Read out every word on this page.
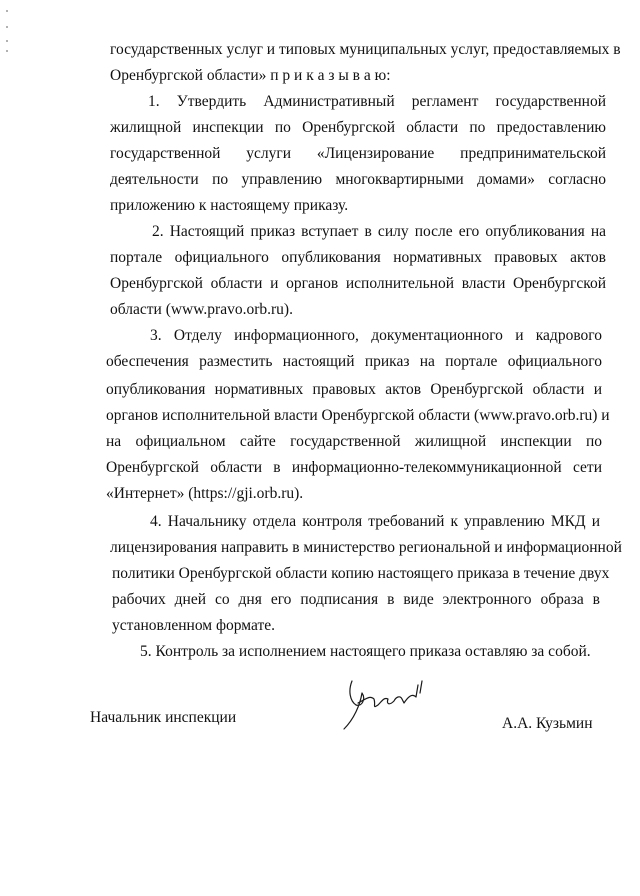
государственных услуг и типовых муниципальных услуг, предоставляемых в
Оренбургской области» п р и к а з ы в а ю:
1. Утвердить Административный регламент государственной
жилищной инспекции по Оренбургской области по предоставлению
государственной услуги «Лицензирование предпринимательской
деятельности по управлению многоквартирными домами» согласно
приложению к настоящему приказу.
2. Настоящий приказ вступает в силу после его опубликования на
портале официального опубликования нормативных правовых актов
Оренбургской области и органов исполнительной власти Оренбургской
области (www.pravo.orb.ru).
3. Отделу информационного, документационного и кадрового
обеспечения разместить настоящий приказ на портале официального
опубликования нормативных правовых актов Оренбургской области и
органов исполнительной власти Оренбургской области (www.pravo.orb.ru) и
на официальном сайте государственной жилищной инспекции по
Оренбургской области в информационно-телекоммуникационной сети
«Интернет» (https://gji.orb.ru).
4. Начальнику отдела контроля требований к управлению МКД и
лицензирования направить в министерство региональной и информационной
политики Оренбургской области копию настоящего приказа в течение двух
рабочих дней со дня его подписания в виде электронного образа в
установленном формате.
5. Контроль за исполнением настоящего приказа оставляю за собой.
Начальник инспекции	А.А. Кузьмин
